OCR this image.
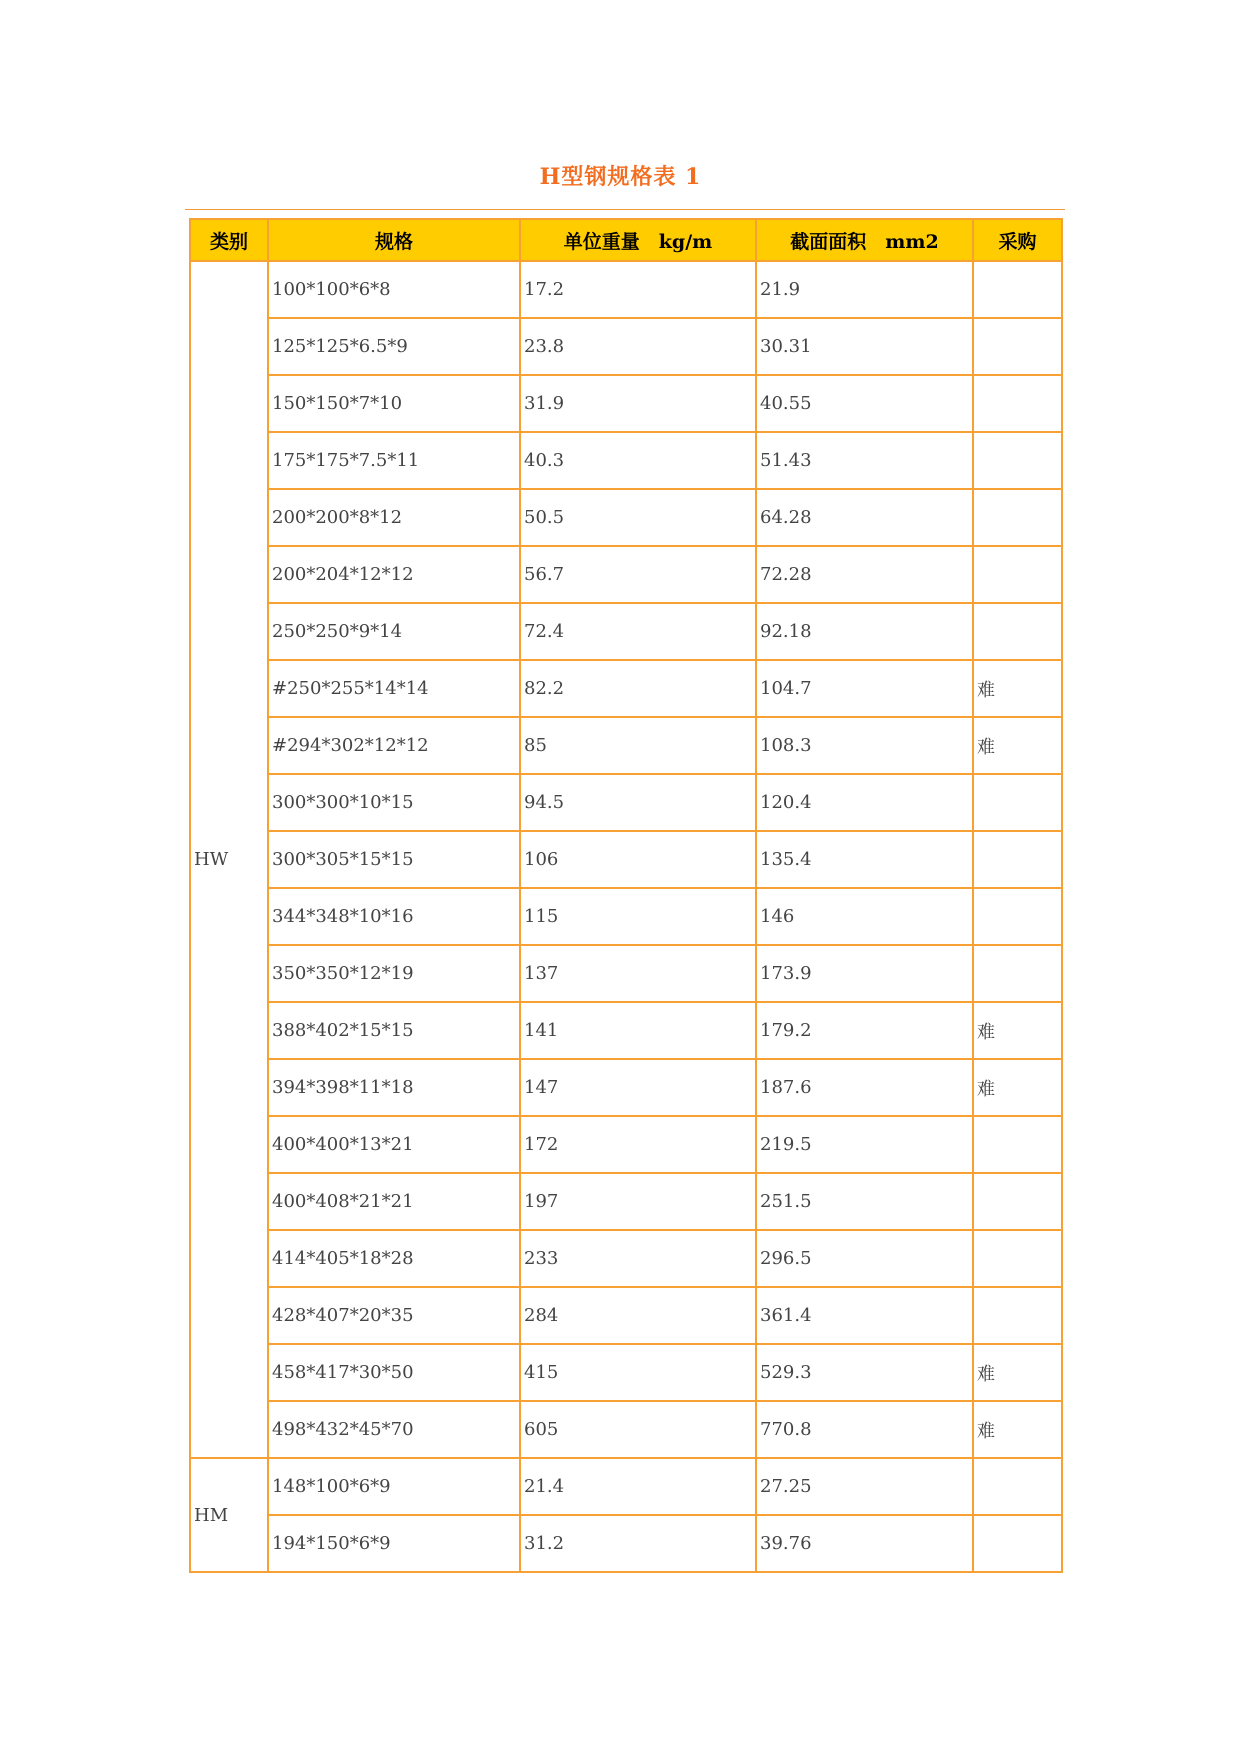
H型钢规格表 1
类别	规格	单位重量　kg/m	截面面积　mm2	采购
HW	100*100*6*8	17.2	21.9	
	125*125*6.5*9	23.8	30.31	
	150*150*7*10	31.9	40.55	
	175*175*7.5*11	40.3	51.43	
	200*200*8*12	50.5	64.28	
	200*204*12*12	56.7	72.28	
	250*250*9*14	72.4	92.18	
	#250*255*14*14	82.2	104.7	难
	#294*302*12*12	85	108.3	难
	300*300*10*15	94.5	120.4	
	300*305*15*15	106	135.4	
	344*348*10*16	115	146	
	350*350*12*19	137	173.9	
	388*402*15*15	141	179.2	难
	394*398*11*18	147	187.6	难
	400*400*13*21	172	219.5	
	400*408*21*21	197	251.5	
	414*405*18*28	233	296.5	
	428*407*20*35	284	361.4	
	458*417*30*50	415	529.3	难
	498*432*45*70	605	770.8	难
HM	148*100*6*9	21.4	27.25	
	194*150*6*9	31.2	39.76	
